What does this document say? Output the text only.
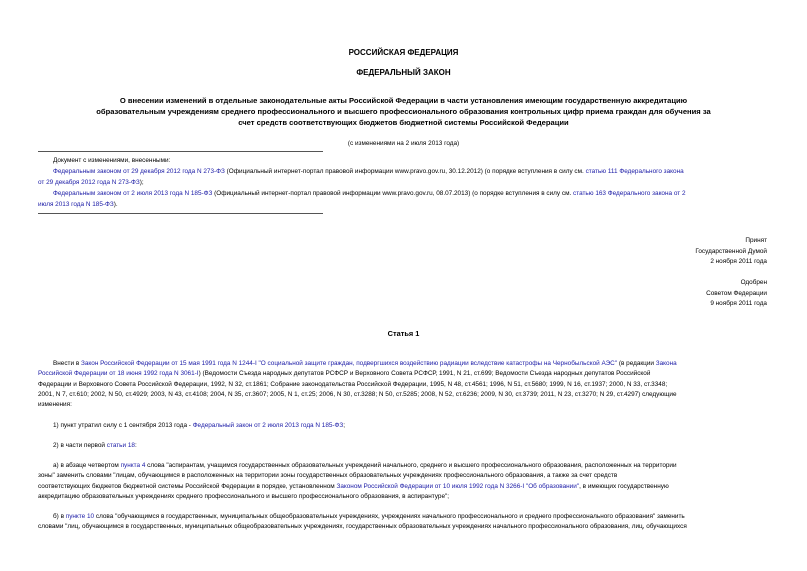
РОССИЙСКАЯ ФЕДЕРАЦИЯ
ФЕДЕРАЛЬНЫЙ ЗАКОН
О внесении изменений в отдельные законодательные акты Российской Федерации в части установления имеющим государственную аккредитацию
образовательным учреждениям среднего профессионального и высшего профессионального образования контрольных цифр приема граждан для обучения за
счет средств соответствующих бюджетов бюджетной системы Российской Федерации
(с изменениями на 2 июля 2013 года)
Документ с изменениями, внесенными:
Федеральным законом от 29 декабря 2012 года N 273-ФЗ (Официальный интернет-портал правовой информации www.pravo.gov.ru, 30.12.2012) (о порядке вступления в силу см. статью 111 Федерального закона
от 29 декабря 2012 года N 273-ФЗ);
Федеральным законом от 2 июля 2013 года N 185-ФЗ (Официальный интернет-портал правовой информации www.pravo.gov.ru, 08.07.2013) (о порядке вступления в силу см. статью 163 Федерального закона от 2
июля 2013 года N 185-ФЗ).
Принят
Государственной Думой
2 ноября 2011 года
Одобрен
Советом Федерации
9 ноября 2011 года
Статья 1
Внести в Закон Российской Федерации от 15 мая 1991 года N 1244-I "О социальной защите граждан, подвергшихся воздействию радиации вследствие катастрофы на Чернобыльской АЭС" (в редакции Закона
Российской Федерации от 18 июня 1992 года N 3061-I) (Ведомости Съезда народных депутатов РСФСР и Верховного Совета РСФСР, 1991, N 21, ст.699; Ведомости Съезда народных депутатов Российской
Федерации и Верховного Совета Российской Федерации, 1992, N 32, ст.1861; Собрание законодательства Российской Федерации, 1995, N 48, ст.4561; 1996, N 51, ст.5680; 1999, N 16, ст.1937; 2000, N 33, ст.3348;
2001, N 7, ст.610; 2002, N 50, ст.4929; 2003, N 43, ст.4108; 2004, N 35, ст.3607; 2005, N 1, ст.25; 2006, N 30, ст.3288; N 50, ст.5285; 2008, N 52, ст.6236; 2009, N 30, ст.3739; 2011, N 23, ст.3270; N 29, ст.4297) следующие
изменения:
1) пункт утратил силу с 1 сентября 2013 года - Федеральный закон от 2 июля 2013 года N 185-ФЗ;
2) в части первой статьи 18:
а) в абзаце четвертом пункта 4 слова "аспирантам, учащимся государственных образовательных учреждений начального, среднего и высшего профессионального образования, расположенных на территории
зоны" заменить словами "лицам, обучающимся в расположенных на территории зоны государственных образовательных учреждениях профессионального образования, а также за счет средств
соответствующих бюджетов бюджетной системы Российской Федерации в порядке, установленном Законом Российской Федерации от 10 июля 1992 года N 3266-I "Об образовании", в имеющих государственную
аккредитацию образовательных учреждениях среднего профессионального и высшего профессионального образования, в аспирантуре";
б) в пункте 10 слова "обучающимся в государственных, муниципальных общеобразовательных учреждениях, учреждениях начального профессионального и среднего профессионального образования" заменить
словами "лиц, обучающимся в государственных, муниципальных общеобразовательных учреждениях, государственных образовательных учреждениях начального профессионального образования, лиц, обучающихся
